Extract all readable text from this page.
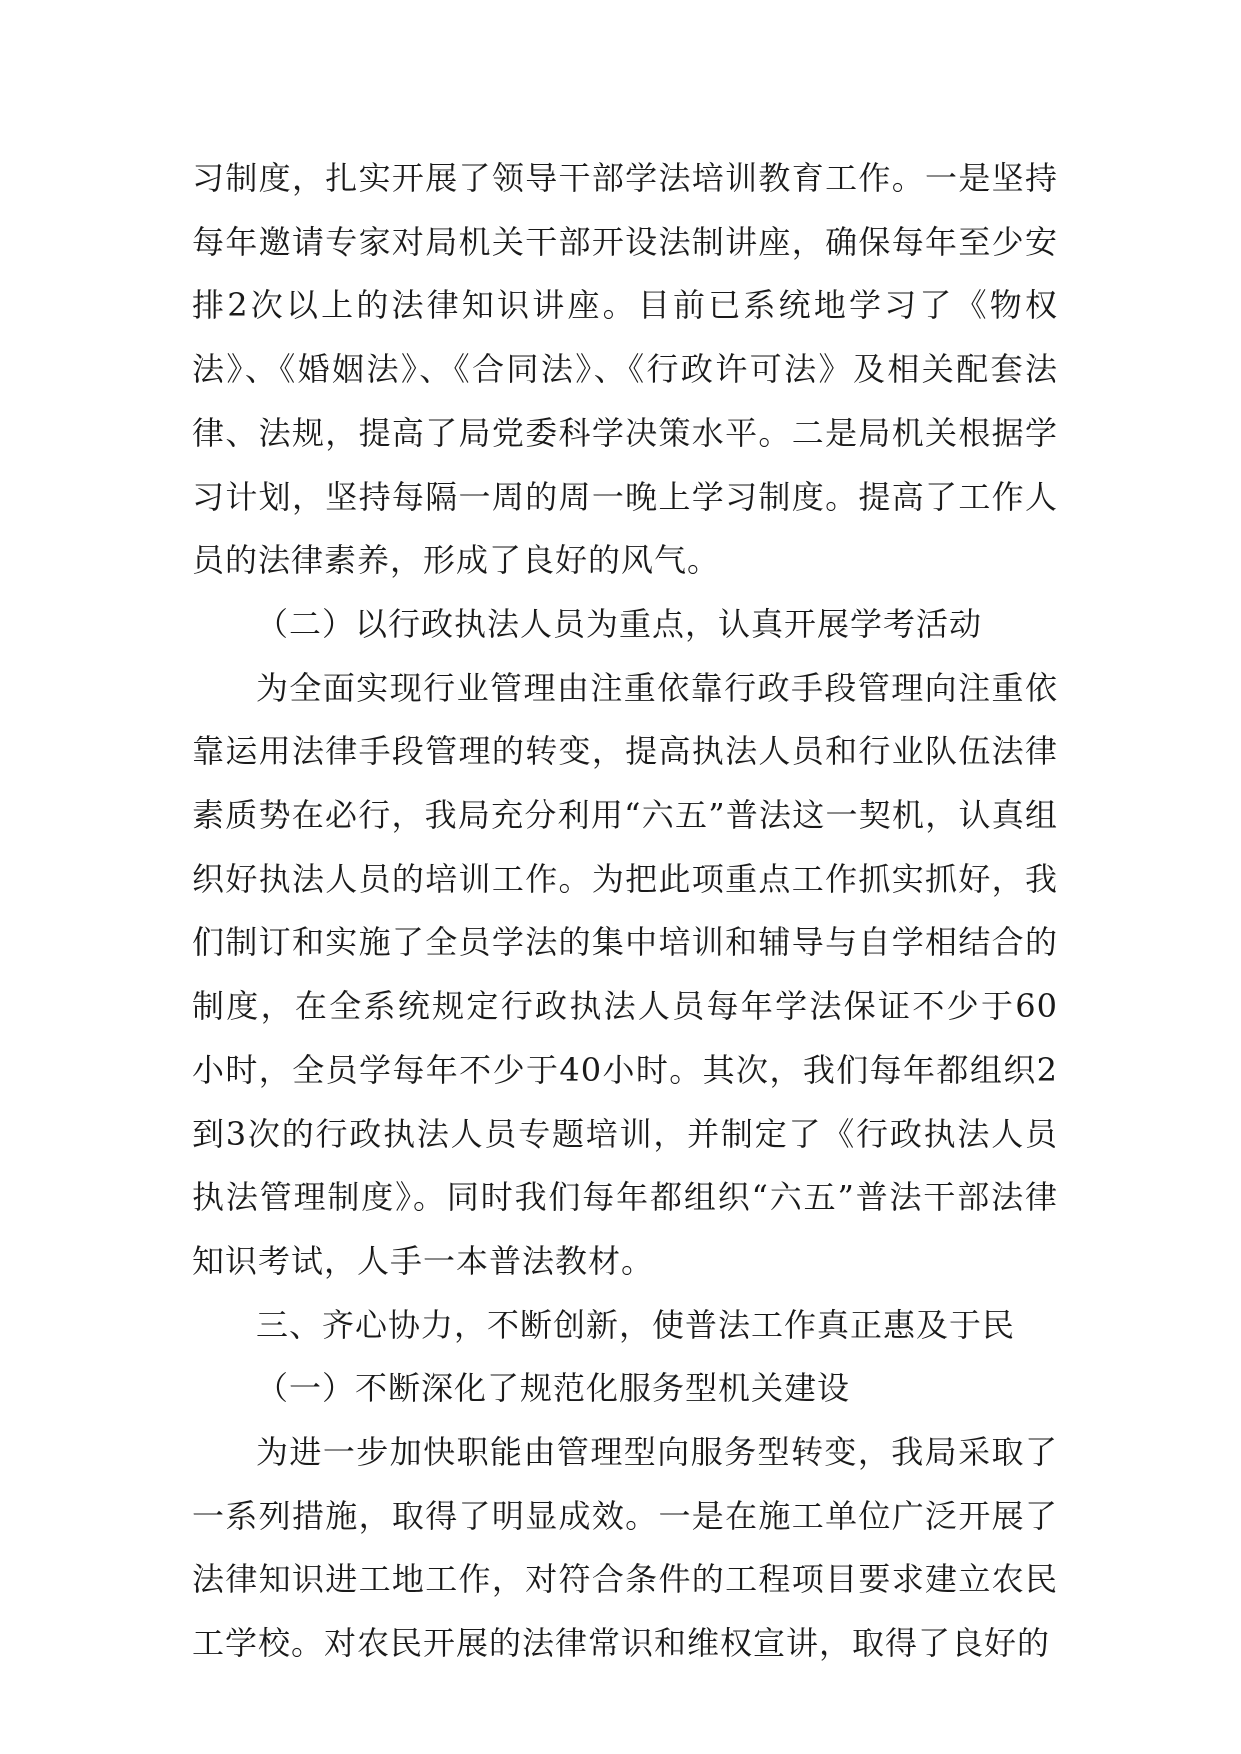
习制度，扎实开展了领导干部学法培训教育工作。一是坚持每年邀请专家对局机关干部开设法制讲座，确保每年至少安排2次以上的法律知识讲座。目前已系统地学习了《物权法》、《婚姻法》、《合同法》、《行政许可法》及相关配套法律、法规，提高了局党委科学决策水平。二是局机关根据学习计划，坚持每隔一周的周一晚上学习制度。提高了工作人员的法律素养，形成了良好的风气。

（二）以行政执法人员为重点，认真开展学考活动

为全面实现行业管理由注重依靠行政手段管理向注重依靠运用法律手段管理的转变，提高执法人员和行业队伍法律素质势在必行，我局充分利用“六五”普法这一契机，认真组织好执法人员的培训工作。为把此项重点工作抓实抓好，我们制订和实施了全员学法的集中培训和辅导与自学相结合的制度，在全系统规定行政执法人员每年学法保证不少于60小时，全员学每年不少于40小时。其次，我们每年都组织2到3次的行政执法人员专题培训，并制定了《行政执法人员执法管理制度》。同时我们每年都组织“六五”普法干部法律知识考试，人手一本普法教材。

三、齐心协力，不断创新，使普法工作真正惠及于民

（一）不断深化了规范化服务型机关建设

为进一步加快职能由管理型向服务型转变，我局采取了一系列措施，取得了明显成效。一是在施工单位广泛开展了法律知识进工地工作，对符合条件的工程项目要求建立农民工学校。对农民开展的法律常识和维权宣讲，取得了良好的
